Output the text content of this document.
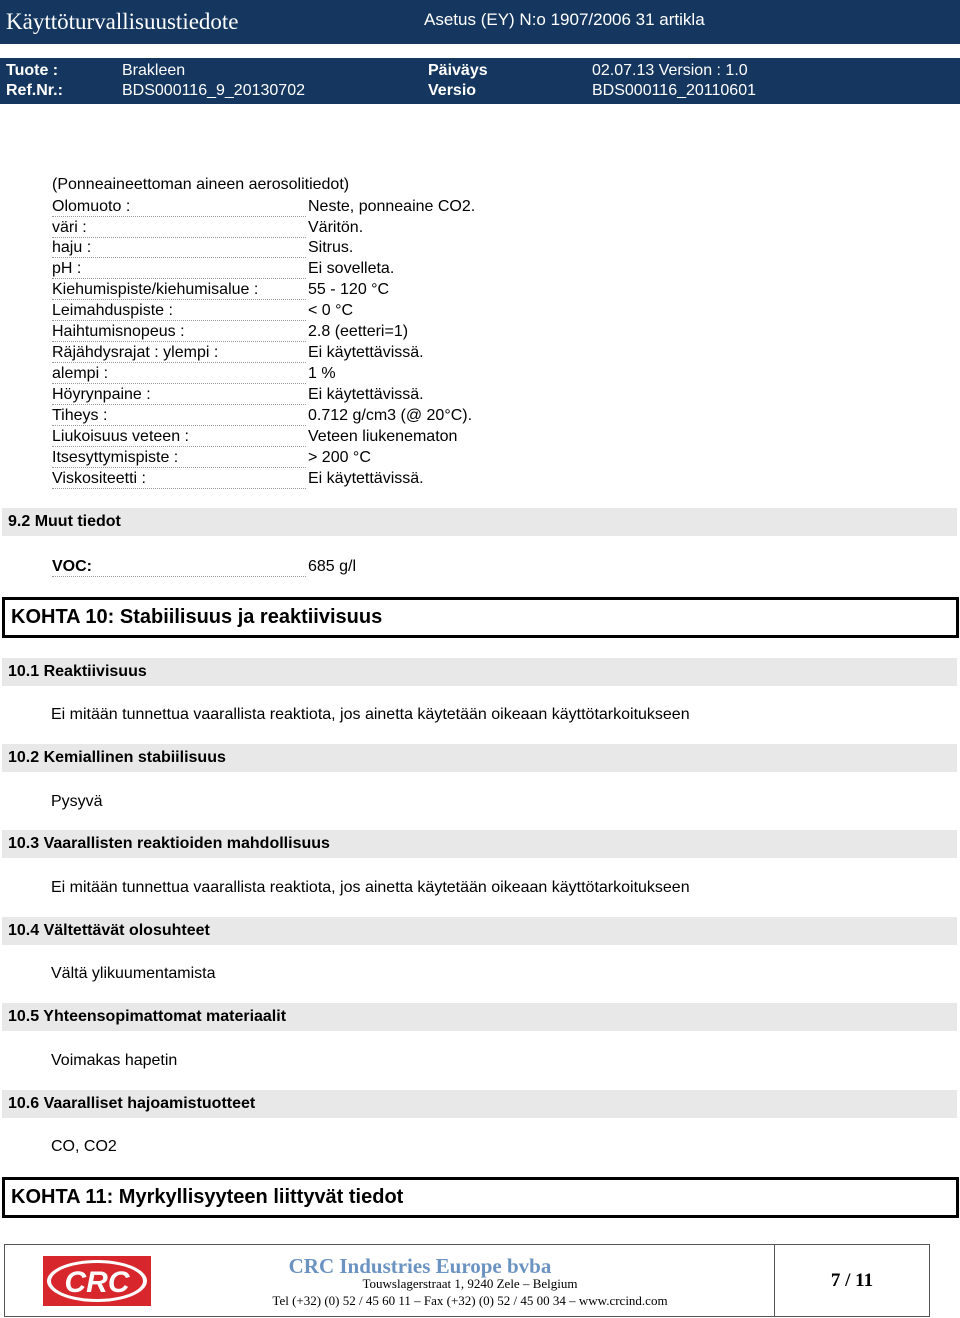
Käyttöturvallisuustiedote	Asetus (EY) N:o 1907/2006 31 artikla
Tuote :	Brakleen	Päiväys	02.07.13 Version : 1.0
Ref.Nr.:	BDS000116_9_20130702	Versio	BDS000116_20110601
(Ponneaineettoman aineen aerosolitiedot)
Olomuoto :	Neste, ponneaine CO2.
väri :	Väritön.
haju :	Sitrus.
pH :	Ei sovelleta.
Kiehumispiste/kiehumisalue :	55 - 120 °C
Leimahduspiste :	< 0 °C
Haihtumisnopeus :	2.8 (eetteri=1)
Räjähdysrajat : ylempi :	Ei käytettävissä.
alempi :	1 %
Höyrynpaine :	Ei käytettävissä.
Tiheys :	0.712 g/cm3 (@ 20°C).
Liukoisuus veteen :	Veteen liukenematon
Itsesyttymispiste :	> 200 °C
Viskositeetti :	Ei käytettävissä.
9.2 Muut tiedot
VOC:	685 g/l
KOHTA 10: Stabiilisuus ja reaktiivisuus
10.1 Reaktiivisuus
Ei mitään tunnettua vaarallista reaktiota, jos ainetta käytetään oikeaan käyttötarkoitukseen
10.2 Kemiallinen stabiilisuus
Pysyvä
10.3 Vaarallisten reaktioiden mahdollisuus
Ei mitään tunnettua vaarallista reaktiota, jos ainetta käytetään oikeaan käyttötarkoitukseen
10.4 Vältettävät olosuhteet
Vältä ylikuumentamista
10.5 Yhteensopimattomat materiaalit
Voimakas hapetin
10.6 Vaaralliset hajoamistuotteet
CO, CO2
KOHTA 11: Myrkyllisyyteen liittyvät tiedot
CRC	CRC Industries Europe bvba
Touwslagerstraat 1, 9240 Zele – Belgium
Tel (+32) (0) 52 / 45 60 11 – Fax (+32) (0) 52 / 45 00 34 – www.crcind.com
7 / 11
